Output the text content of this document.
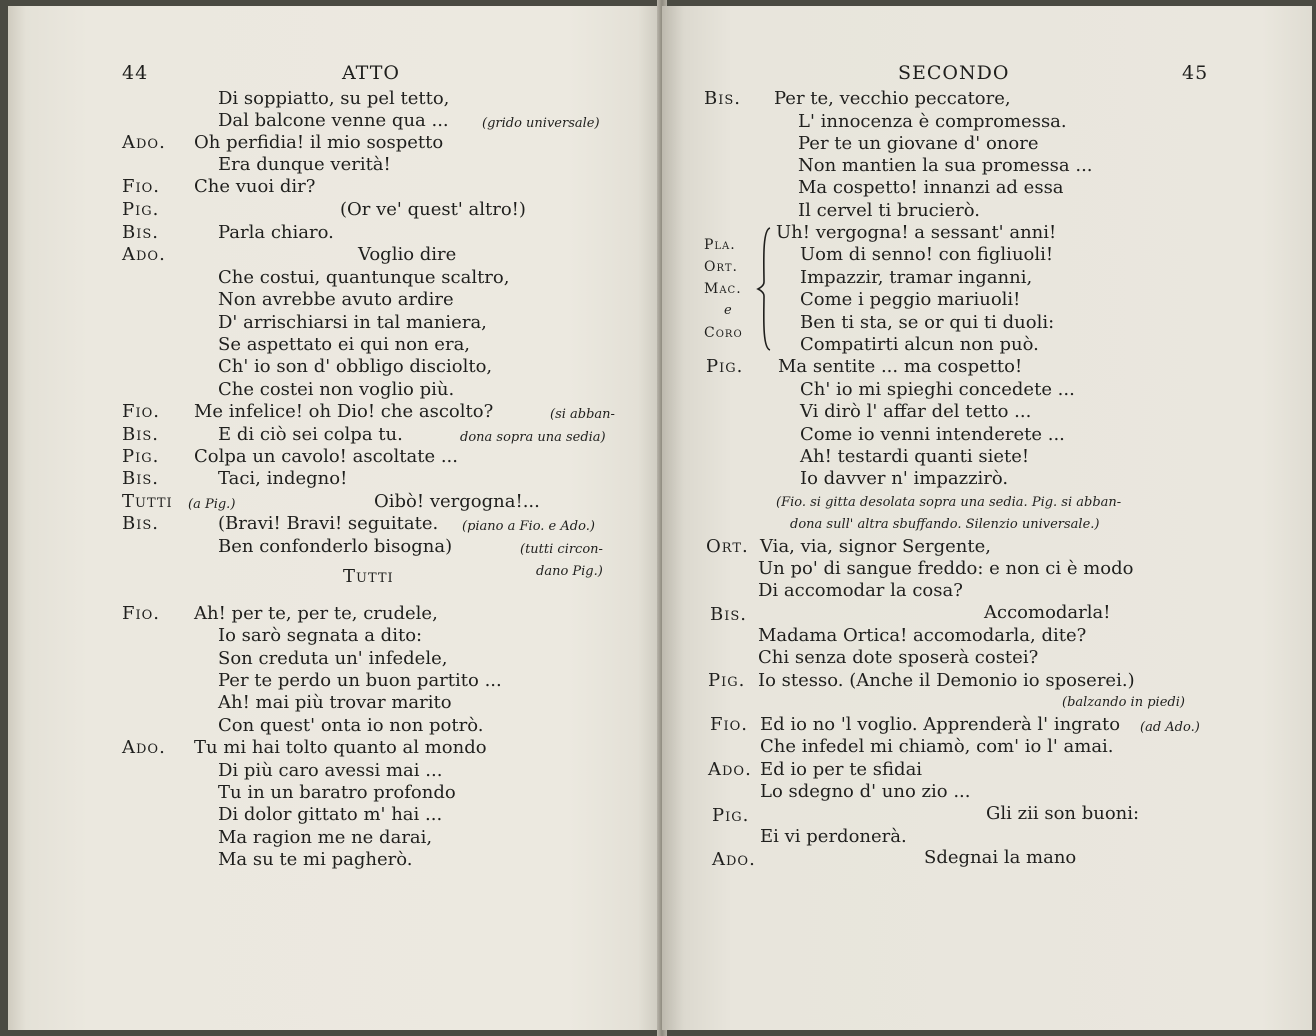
44	ATTO
Di soppiatto, su pel tetto,
Dal balcone venne qua ...	(grido universale)
Ado. Oh perfidia! il mio sospetto
Era dunque verità!
Fio. Che vuoi dir?
Pig.	(Or ve' quest' altro!)
Bis.	Parla chiaro.
Ado.	Voglio dire
Che costui, quantunque scaltro,
Non avrebbe avuto ardire
D' arrischiarsi in tal maniera,
Se aspettato ei qui non era,
Ch' io son d' obbligo disciolto,
Che costei non voglio più.
Fio. Me infelice! oh Dio! che ascolto?	(si abban-
Bis.	E di ciò sei colpa tu.	dona sopra una sedia)
Pig. Colpa un cavolo! ascoltate ...
Bis.	Taci, indegno!
Tutti (a Pig.)	Oibò! vergogna!...
Bis.	(Bravi! Bravi! seguitate. (piano a Fio. e Ado.)
Ben confonderlo bisogna)	(tutti circon-
Tutti	dano Pig.)
Fio. Ah! per te, per te, crudele,
Io sarò segnata a dito:
Son creduta un' infedele,
Per te perdo un buon partito ...
Ah! mai più trovar marito
Con quest' onta io non potrò.
Ado. Tu mi hai tolto quanto al mondo
Di più caro avessi mai ...
Tu in un baratro profondo
Di dolor gittato m' hai ...
Ma ragion me ne darai,
Ma su te mi pagherò.
SECONDO	45
Bis. Per te, vecchio peccatore,
L' innocenza è compromessa.
Per te un giovane d' onore
Non mantien la sua promessa ...
Ma cospetto! innanzi ad essa
Il cervel ti brucierò.
Pla.
Ort.
Mac.
e
Coro
Uh! vergogna! a sessant' anni!
Uom di senno! con figliuoli!
Impazzir, tramar inganni,
Come i peggio mariuoli!
Ben ti sta, se or qui ti duoli:
Compatirti alcun non può.
Pig. Ma sentite ... ma cospetto!
Ch' io mi spieghi concedete ...
Vi dirò l' affar del tetto ...
Come io venni intenderete ...
Ah! testardi quanti siete!
Io davver n' impazzirò.
(Fio. si gitta desolata sopra una sedia. Pig. si abban-
dona sull' altra sbuffando. Silenzio universale.)
Ort. Via, via, signor Sergente,
Un po' di sangue freddo: e non ci è modo
Di accomodar la cosa?
Bis.	Accomodarla!
Madama Ortica! accomodarla, dite?
Chi senza dote sposerà costei?
Pig. Io stesso. (Anche il Demonio io sposerei.)
(balzando in piedi)
Fio. Ed io no 'l voglio. Apprenderà l' ingrato (ad Ado.)
Che infedel mi chiamò, com' io l' amai.
Ado. Ed io per te sfidai
Lo sdegno d' uno zio ...
Pig.	Gli zii son buoni:
Ei vi perdonerà.
Ado.	Sdegnai la mano
